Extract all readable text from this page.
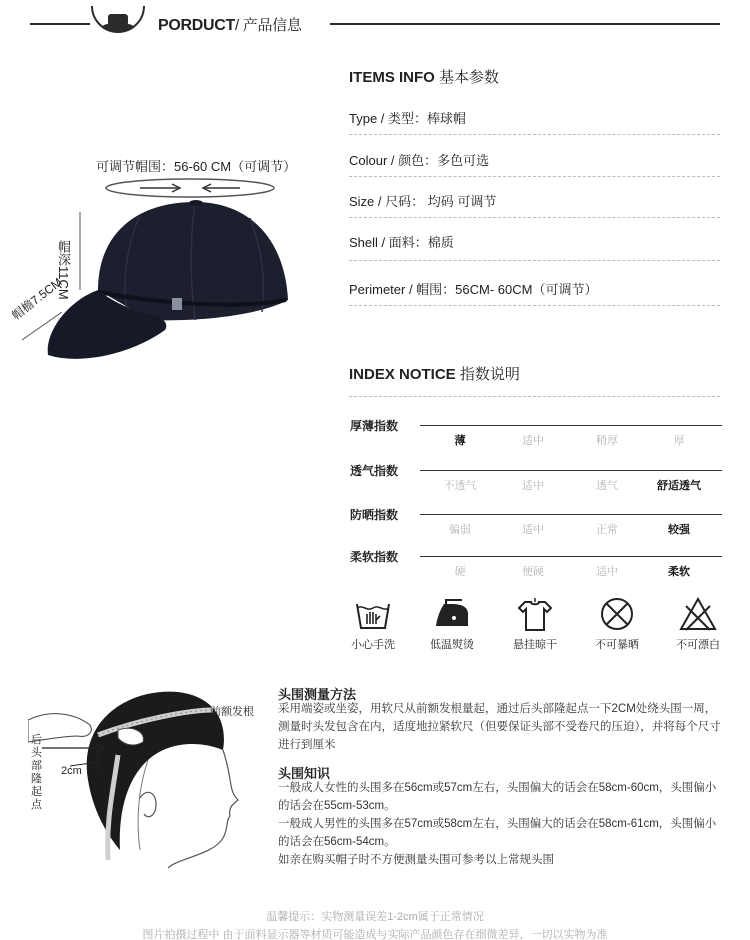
PORDUCT/ 产品信息
可调节帽围：56-60 CM（可调节）
帽深11CM
帽檐7.5CM
ITEMS INFO 基本参数
Type / 类型：棒球帽
Colour / 颜色：多色可选
Size / 尺码： 均码 可调节
Shell / 面料：棉质
Perimeter / 帽围：56CM- 60CM（可调节）
INDEX NOTICE 指数说明
厚薄指数
薄	适中	稍厚	厚
透气指数
不透气	适中	透气	舒适透气
防晒指数
偏弱	适中	正常	较强
柔软指数
硬	便硬	适中	柔软
小心手洗	低温熨烫	悬挂晾干	不可暴晒	不可漂白
后头部隆起点
前额发根
2cm
头围测量方法
采用端姿或坐姿，用软尺从前额发根量起，通过后头部隆起点一下2CM处绕头围一周，测量时头发包含在内，适度地拉紧软尺（但要保证头部不受卷尺的压迫），并将每个尺寸进行到厘米
头围知识
一般成人女性的头围多在56cm或57cm左右，头围偏大的话会在58cm-60cm，头围偏小的话会在55cm-53cm。
一般成人男性的头围多在57cm或58cm左右，头围偏大的话会在58cm-61cm，头围偏小的话会在56cm-54cm。
如亲在购买帽子时不方便测量头围可参考以上常规头围
温馨提示：实物测量误差1-2cm属于正常情况
图片拍摄过程中 由于面料显示器等材质可能造成与实际产品颜色存在细微差异，一切以实物为准
